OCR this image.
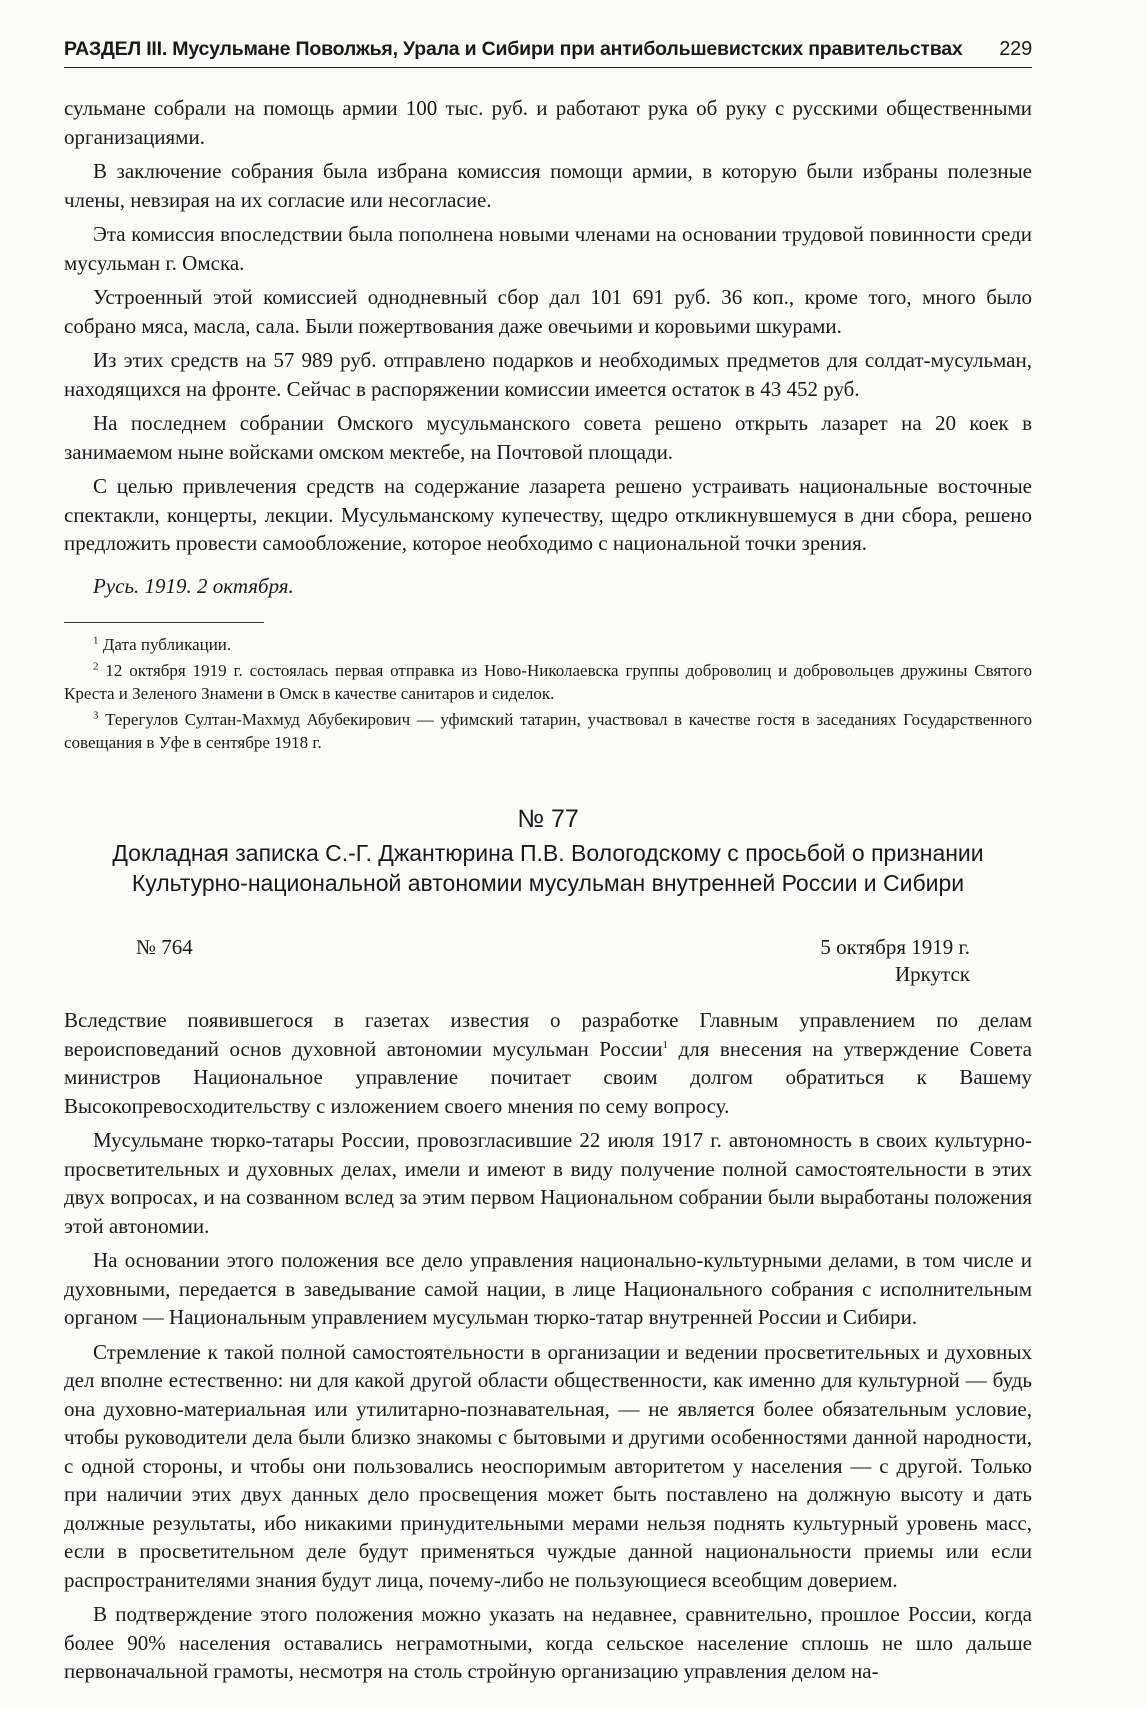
РАЗДЕЛ III. Мусульмане Поволжья, Урала и Сибири при антибольшевистских правительствах 229

сульмане собрали на помощь армии 100 тыс. руб. и работают рука об руку с русскими общественными организациями.

В заключение собрания была избрана комиссия помощи армии, в которую были избраны полезные члены, невзирая на их согласие или несогласие.

Эта комиссия впоследствии была пополнена новыми членами на основании трудовой повинности среди мусульман г. Омска.

Устроенный этой комиссией однодневный сбор дал 101 691 руб. 36 коп., кроме того, много было собрано мяса, масла, сала. Были пожертвования даже овечьими и коровьими шкурами.

Из этих средств на 57 989 руб. отправлено подарков и необходимых предметов для солдат-мусульман, находящихся на фронте. Сейчас в распоряжении комиссии имеется остаток в 43 452 руб.

На последнем собрании Омского мусульманского совета решено открыть лазарет на 20 коек в занимаемом ныне войсками омском мектебе, на Почтовой площади.

С целью привлечения средств на содержание лазарета решено устраивать национальные восточные спектакли, концерты, лекции. Мусульманскому купечеству, щедро откликнувшемуся в дни сбора, решено предложить провести самообложение, которое необходимо с национальной точки зрения.

Русь. 1919. 2 октября.

$^1$ Дата публикации.

$^2$ 12 октября 1919 г. состоялась первая отправка из Ново-Николаевска группы доброволиц и добровольцев дружины Святого Креста и Зеленого Знамени в Омск в качестве санитаров и сиделок.

$^3$ Терегулов Султан-Махмуд Абубекирович — уфимский татарин, участвовал в качестве гостя в заседаниях Государственного совещания в Уфе в сентябре 1918 г.

№ 77
Докладная записка С.-Г. Джантюрина П.В. Вологодскому с просьбой о признании
Культурно-национальной автономии мусульман внутренней России и Сибири
№ 764	5 октября 1919 г.
Иркутск

Вследствие появившегося в газетах известия о разработке Главным управлением по делам вероисповеданий основ духовной автономии мусульман России$^1$ для внесения на утверждение Совета министров Национальное управление почитает своим долгом обратиться к Вашему Высокопревосходительству с изложением своего мнения по сему вопросу.

Мусульмане тюрко-татары России, провозгласившие 22 июля 1917 г. автономность в своих культурно-просветительных и духовных делах, имели и имеют в виду получение полной самостоятельности в этих двух вопросах, и на созванном вслед за этим первом Национальном собрании были выработаны положения этой автономии.

На основании этого положения все дело управления национально-культурными делами, в том числе и духовными, передается в заведывание самой нации, в лице Национального собрания с исполнительным органом — Национальным управлением мусульман тюрко-татар внутренней России и Сибири.

Стремление к такой полной самостоятельности в организации и ведении просветительных и духовных дел вполне естественно: ни для какой другой области общественности, как именно для культурной — будь она духовно-материальная или утилитарно-познавательная, — не является более обязательным условие, чтобы руководители дела были близко знакомы с бытовыми и другими особенностями данной народности, с одной стороны, и чтобы они пользовались неоспоримым авторитетом у населения — с другой. Только при наличии этих двух данных дело просвещения может быть поставлено на должную высоту и дать должные результаты, ибо никакими принудительными мерами нельзя поднять культурный уровень масс, если в просветительном деле будут применяться чуждые данной национальности приемы или если распространителями знания будут лица, почему-либо не пользующиеся всеобщим доверием.

В подтверждение этого положения можно указать на недавнее, сравнительно, прошлое России, когда более 90% населения оставались неграмотными, когда сельское население сплошь не шло дальше первоначальной грамоты, несмотря на столь стройную организацию управления делом на-
